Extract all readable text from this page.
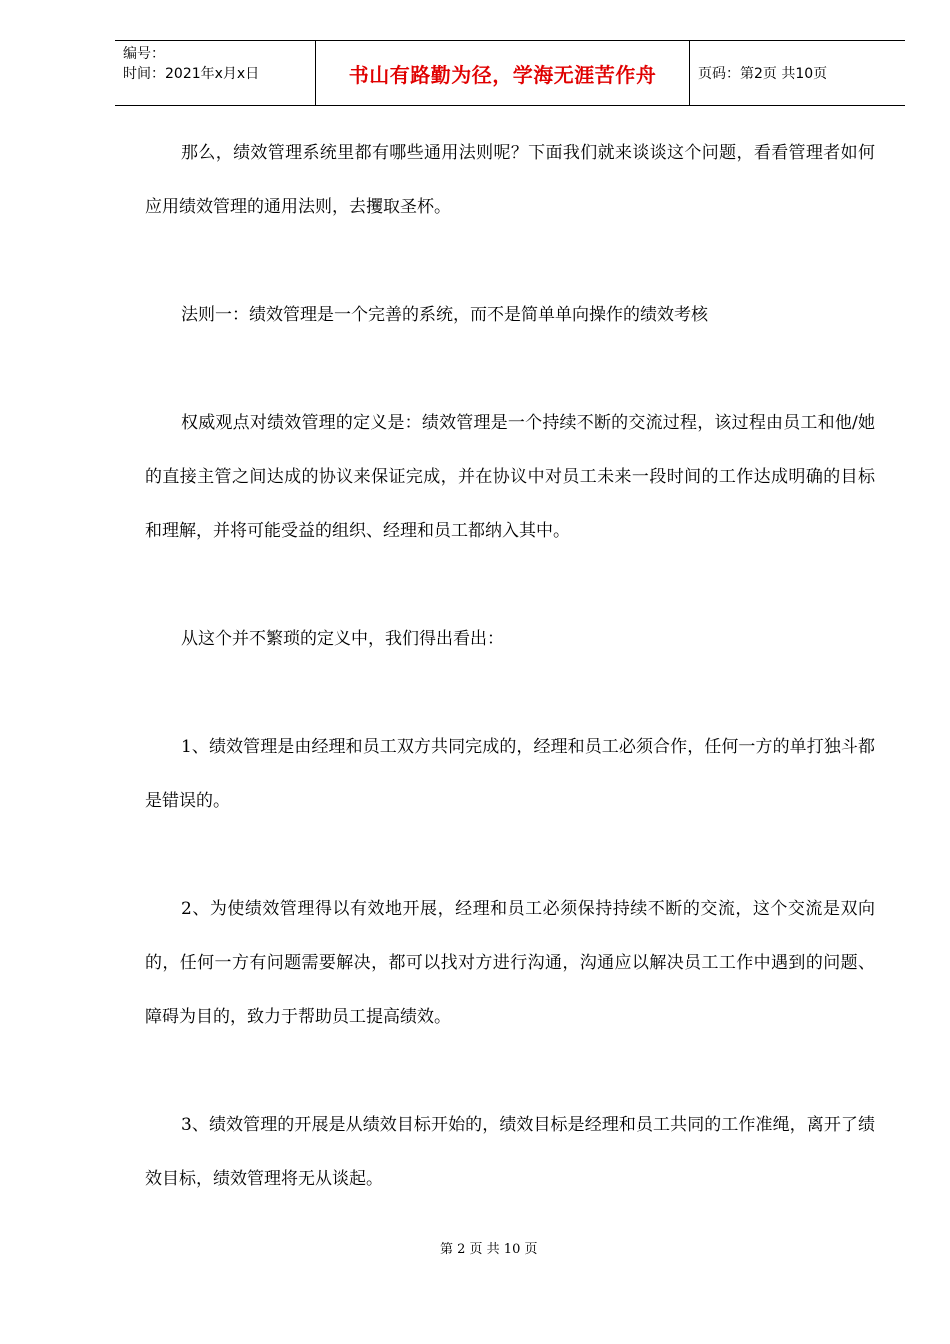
编号：
时间：2021年x月x日	书山有路勤为径，学海无涯苦作舟	页码：第2页 共10页

那么，绩效管理系统里都有哪些通用法则呢？下面我们就来谈谈这个问题，看看管理者如何应用绩效管理的通用法则，去攫取圣杯。

法则一：绩效管理是一个完善的系统，而不是简单单向操作的绩效考核

权威观点对绩效管理的定义是：绩效管理是一个持续不断的交流过程，该过程由员工和他/她的直接主管之间达成的协议来保证完成，并在协议中对员工未来一段时间的工作达成明确的目标和理解，并将可能受益的组织、经理和员工都纳入其中。

从这个并不繁琐的定义中，我们得出看出：

1、绩效管理是由经理和员工双方共同完成的，经理和员工必须合作，任何一方的单打独斗都是错误的。

2、为使绩效管理得以有效地开展，经理和员工必须保持持续不断的交流，这个交流是双向的，任何一方有问题需要解决，都可以找对方进行沟通，沟通应以解决员工工作中遇到的问题、障碍为目的，致力于帮助员工提高绩效。

3、绩效管理的开展是从绩效目标开始的，绩效目标是经理和员工共同的工作准绳，离开了绩效目标，绩效管理将无从谈起。

第 2 页 共 10 页
